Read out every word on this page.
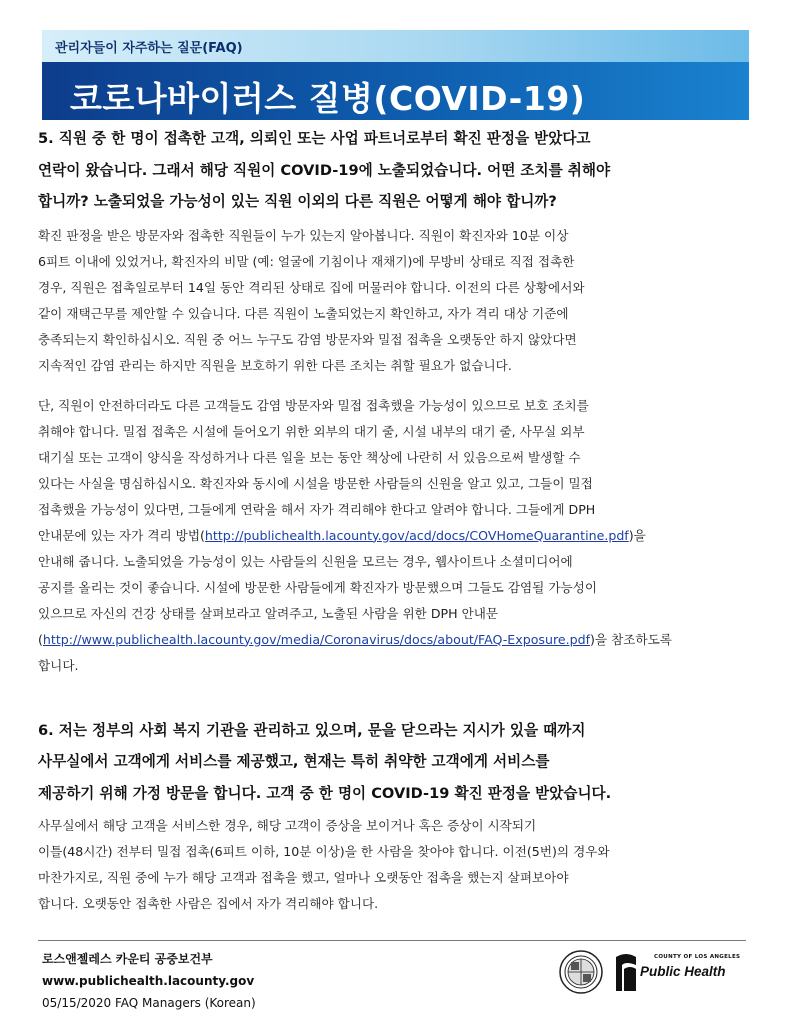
관리자들이 자주하는 질문(FAQ)
코로나바이러스 질병(COVID-19)

5. 직원 중 한 명이 접촉한 고객, 의뢰인 또는 사업 파트너로부터 확진 판정을 받았다고
연락이 왔습니다. 그래서 해당 직원이 COVID-19에 노출되었습니다. 어떤 조치를 취해야
합니까? 노출되었을 가능성이 있는 직원 이외의 다른 직원은 어떻게 해야 합니까?

확진 판정을 받은 방문자와 접촉한 직원들이 누가 있는지 알아봅니다. 직원이 확진자와 10분 이상
6피트 이내에 있었거나, 확진자의 비말 (예: 얼굴에 기침이나 재채기)에 무방비 상태로 직접 접촉한
경우, 직원은 접촉일로부터 14일 동안 격리된 상태로 집에 머물러야 합니다. 이전의 다른 상황에서와
같이 재택근무를 제안할 수 있습니다. 다른 직원이 노출되었는지 확인하고, 자가 격리 대상 기준에
충족되는지 확인하십시오. 직원 중 어느 누구도 감염 방문자와 밀접 접촉을 오랫동안 하지 않았다면
지속적인 감염 관리는 하지만 직원을 보호하기 위한 다른 조치는 취할 필요가 없습니다.

단, 직원이 안전하더라도 다른 고객들도 감염 방문자와 밀접 접촉했을 가능성이 있으므로 보호 조치를
취해야 합니다. 밀접 접촉은 시설에 들어오기 위한 외부의 대기 줄, 시설 내부의 대기 줄, 사무실 외부
대기실 또는 고객이 양식을 작성하거나 다른 일을 보는 동안 책상에 나란히 서 있음으로써 발생할 수
있다는 사실을 명심하십시오. 확진자와 동시에 시설을 방문한 사람들의 신원을 알고 있고, 그들이 밀접
접촉했을 가능성이 있다면, 그들에게 연락을 해서 자가 격리해야 한다고 알려야 합니다. 그들에게 DPH
안내문에 있는 자가 격리 방법(http://publichealth.lacounty.gov/acd/docs/COVHomeQuarantine.pdf)을
안내해 줍니다. 노출되었을 가능성이 있는 사람들의 신원을 모르는 경우, 웹사이트나 소셜미디어에
공지를 올리는 것이 좋습니다. 시설에 방문한 사람들에게 확진자가 방문했으며 그들도 감염될 가능성이
있으므로 자신의 건강 상태를 살펴보라고 알려주고, 노출된 사람을 위한 DPH 안내문
(http://www.publichealth.lacounty.gov/media/Coronavirus/docs/about/FAQ-Exposure.pdf)을 참조하도록
합니다.

6. 저는 정부의 사회 복지 기관을 관리하고 있으며, 문을 닫으라는 지시가 있을 때까지
사무실에서 고객에게 서비스를 제공했고, 현재는 특히 취약한 고객에게 서비스를
제공하기 위해 가정 방문을 합니다. 고객 중 한 명이 COVID-19 확진 판정을 받았습니다.

사무실에서 해당 고객을 서비스한 경우, 해당 고객이 증상을 보이거나 혹은 증상이 시작되기
이틀(48시간) 전부터 밀접 접촉(6피트 이하, 10분 이상)을 한 사람을 찾아야 합니다. 이전(5번)의 경우와
마찬가지로, 직원 중에 누가 해당 고객과 접촉을 했고, 얼마나 오랫동안 접촉을 했는지 살펴보아야
합니다. 오랫동안 접촉한 사람은 집에서 자가 격리해야 합니다.

로스앤젤레스 카운티 공중보건부
www.publichealth.lacounty.gov
05/15/2020 FAQ Managers (Korean)
COUNTY OF LOS ANGELES
Public Health
